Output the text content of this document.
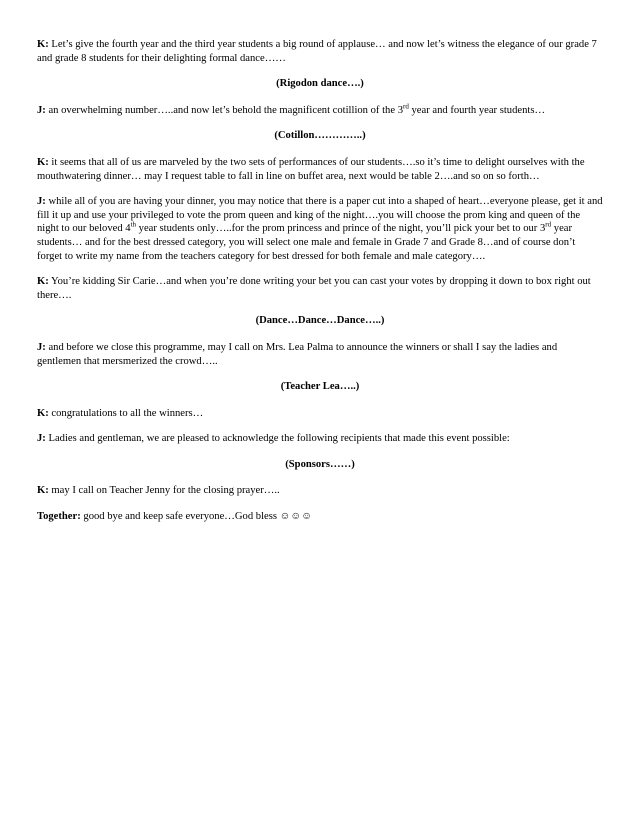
K: Let’s give the fourth year and the third year students a big round of applause… and now let’s witness the elegance of our grade 7 and grade 8 students for their delighting formal dance……

(Rigodon dance….)

J: an overwhelming number…..and now let’s behold the magnificent cotillion of the 3rd year and fourth year students…

(Cotillon…………..)

K: it seems that all of us are marveled by the two sets of performances of our students….so it’s time to delight ourselves with the mouthwatering dinner… may I request table to fall in line on buffet area, next would be table 2….and so on so forth…

J: while all of you are having your dinner, you may notice that there is a paper cut into a shaped of heart…everyone please, get it and fill it up and use your privileged to vote the prom queen and king of the night….you will choose the prom king and queen of the night to our beloved 4th year students only…..for the prom princess and prince of the night, you’ll pick your bet to our 3rd year students… and for the best dressed category, you will select one male and female in Grade 7 and Grade 8…and of course don’t forget to write my name from the teachers category for best dressed for both female and male category….

K: You’re kidding Sir Carie…and when you’re done writing your bet you can cast your votes by dropping it down to box right out there….

(Dance…Dance…Dance…..)

J: and before we close this programme, may I call on Mrs. Lea Palma to announce the winners or shall I say the ladies and gentlemen that mersmerized the crowd…..

(Teacher Lea…..)

K: congratulations to all the winners…

J: Ladies and gentleman, we are pleased to acknowledge the following recipients that made this event possible:

(Sponsors……)

K: may I call on Teacher Jenny for the closing prayer…..

Together: good bye and keep safe everyone…God bless ☺☺☺
